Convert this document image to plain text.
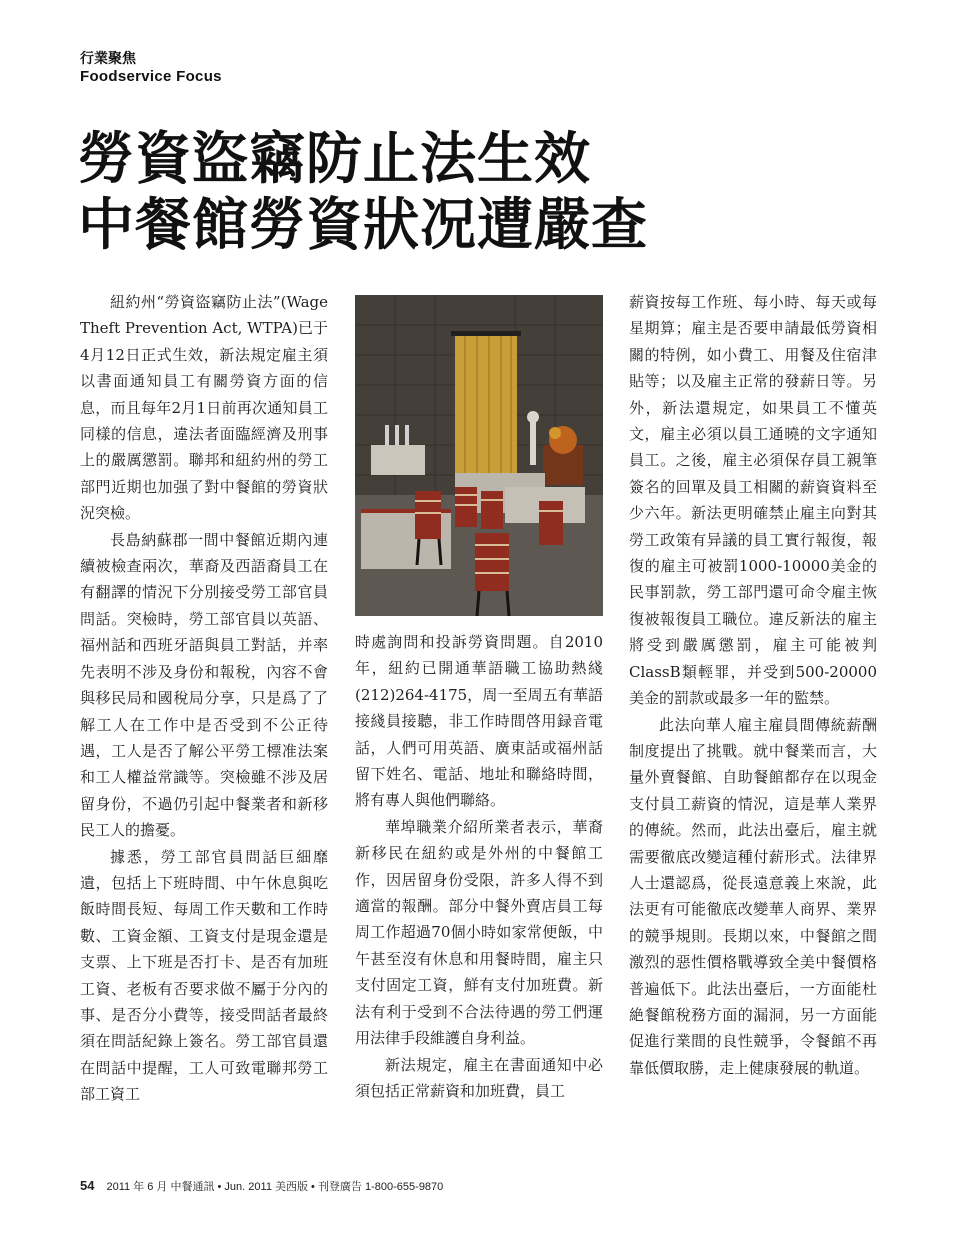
行業聚焦
Foodservice Focus
勞資盜竊防止法生效
中餐館勞資狀况遭嚴查

紐約州“勞資盜竊防止法”(Wage Theft Prevention Act, WTPA)已于4月12日正式生效，新法規定雇主須以書面通知員工有關勞資方面的信息，而且每年2月1日前再次通知員工同樣的信息，違法者面臨經濟及刑事上的嚴厲懲罰。聯邦和紐約州的勞工部門近期也加强了對中餐館的勞資狀況突檢。

長島納蘇郡一間中餐館近期內連續被檢查兩次，華裔及西語裔員工在有翻譯的情況下分別接受勞工部官員問話。突檢時，勞工部官員以英語、福州話和西班牙語與員工對話，并率先表明不涉及身份和報稅，內容不會與移民局和國稅局分享，只是爲了了解工人在工作中是否受到不公正待遇，工人是否了解公平勞工標准法案和工人權益常識等。突檢雖不涉及居留身份，不過仍引起中餐業者和新移民工人的擔憂。

據悉，勞工部官員問話巨細靡遺，包括上下班時間、中午休息與吃飯時間長短、每周工作天數和工作時數、工資金額、工資支付是現金還是支票、上下班是否打卡、是否有加班工資、老板有否要求做不屬于分內的事、是否分小費等，接受問話者最終須在問話紀錄上簽名。勞工部官員還在問話中提醒，工人可致電聯邦勞工部工資工

時處詢問和投訴勞資問題。自2010年，紐約已開通華語職工協助熱綫(212)264-4175，周一至周五有華語接綫員接聽，非工作時間啓用録音電話，人們可用英語、廣東話或福州話留下姓名、電話、地址和聯絡時間，將有專人與他們聯絡。

華埠職業介紹所業者表示，華裔新移民在紐約或是外州的中餐館工作，因居留身份受限，許多人得不到適當的報酬。部分中餐外賣店員工每周工作超過70個小時如家常便飯，中午甚至沒有休息和用餐時間，雇主只支付固定工資，鮮有支付加班費。新法有利于受到不合法待遇的勞工們運用法律手段維護自身利益。

新法規定，雇主在書面通知中必須包括正常薪資和加班費，員工

薪資按每工作班、每小時、每天或每星期算；雇主是否要申請最低勞資相關的特例，如小費工、用餐及住宿津貼等；以及雇主正常的發薪日等。另外，新法還規定，如果員工不懂英文，雇主必須以員工通曉的文字通知員工。之後，雇主必須保存員工親筆簽名的回單及員工相關的薪資資料至少六年。新法更明確禁止雇主向對其勞工政策有异議的員工實行報復，報復的雇主可被罰1000-10000美金的民事罰款，勞工部門還可命令雇主恢復被報復員工職位。違反新法的雇主將受到嚴厲懲罰，雇主可能被判ClassB類輕罪，并受到500-20000美金的罰款或最多一年的監禁。

此法向華人雇主雇員間傳統薪酬制度提出了挑戰。就中餐業而言，大量外賣餐館、自助餐館都存在以現金支付員工薪資的情況，這是華人業界的傳統。然而，此法出臺后，雇主就需要徹底改變這種付薪形式。法律界人士還認爲，從長遠意義上來說，此法更有可能徹底改變華人商界、業界的競爭規則。長期以來，中餐館之間激烈的惡性價格戰導致全美中餐價格普遍低下。此法出臺后，一方面能杜絶餐館稅務方面的漏洞，另一方面能促進行業間的良性競爭，令餐館不再靠低價取勝，走上健康發展的軌道。

54 2011 年 6 月 中餐通訊 • Jun. 2011 美西版 • 刊登廣告 1-800-655-9870
